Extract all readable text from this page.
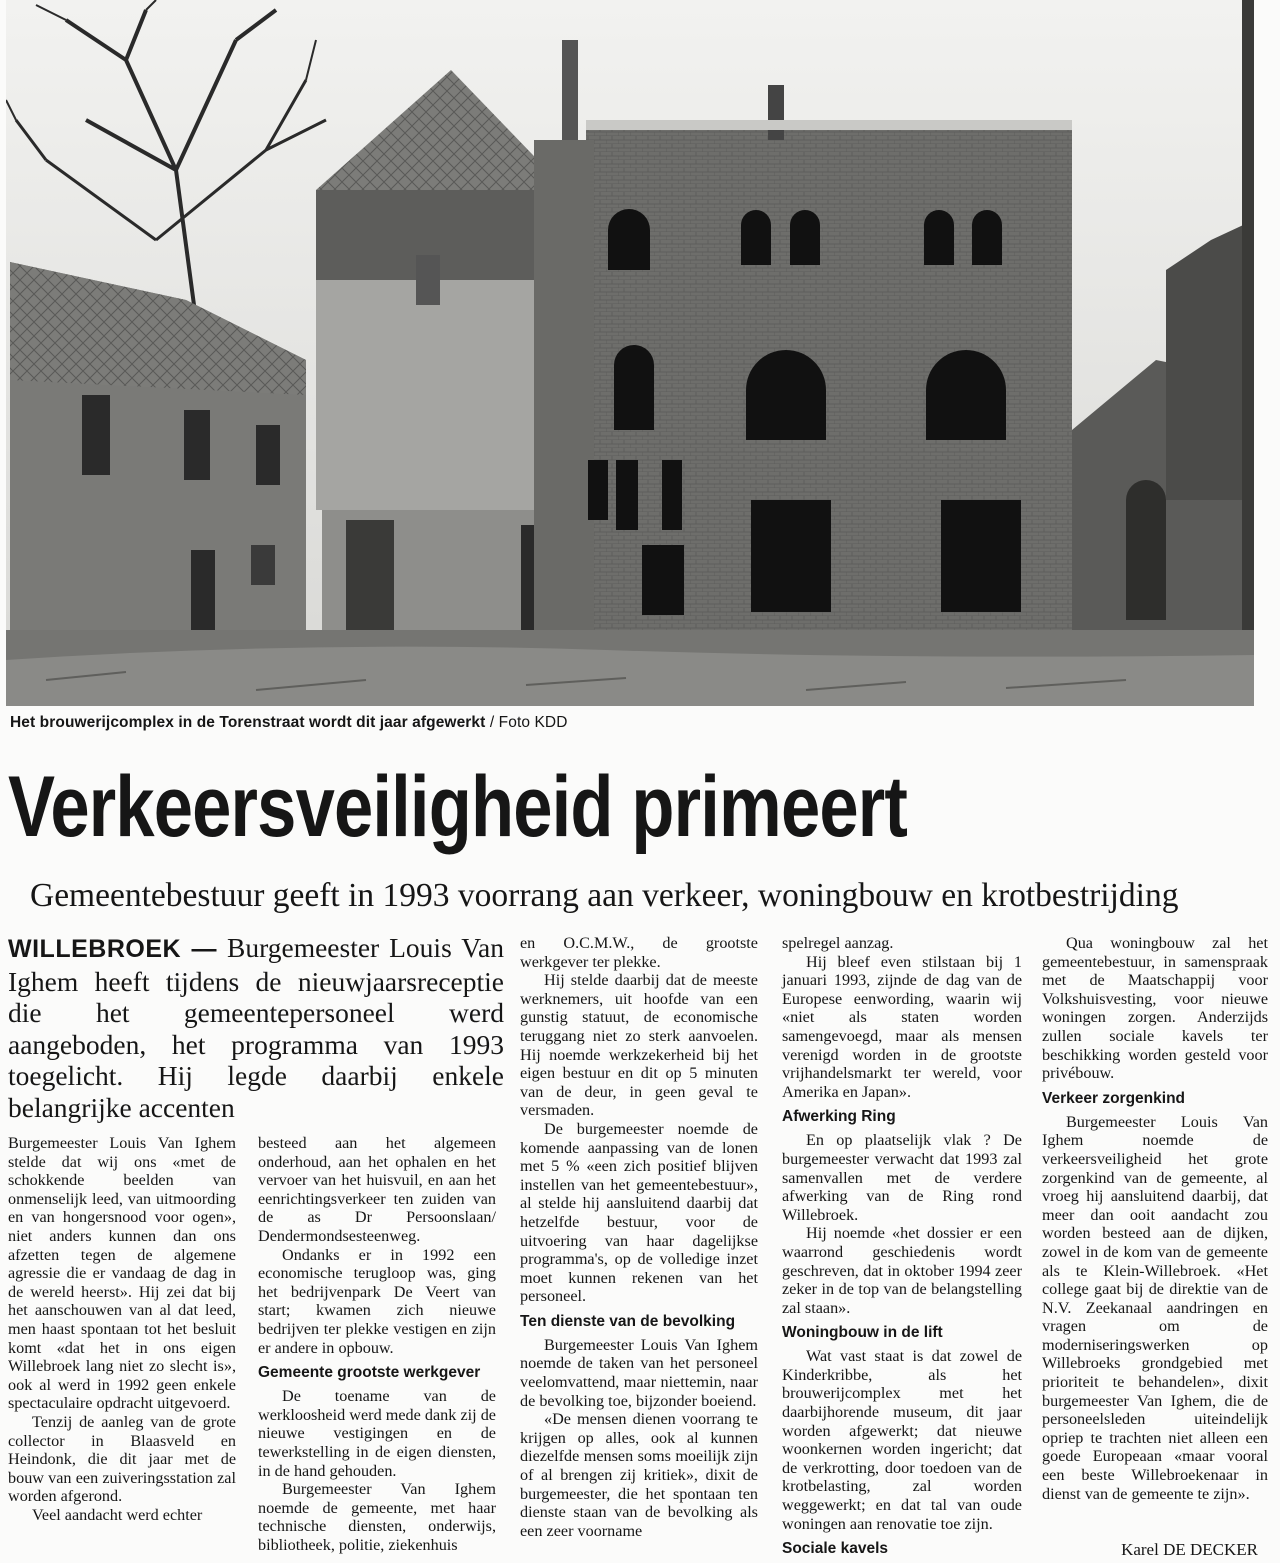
Het brouwerijcomplex in de Torenstraat wordt dit jaar afgewerkt / Foto KDD
Verkeersveiligheid primeert
Gemeentebestuur geeft in 1993 voorrang aan verkeer, woningbouw en krotbestrijding
WILLEBROEK — Burgemeester Louis Van Ighem heeft tijdens de nieuwjaarsreceptie die het gemeentepersoneel werd aangeboden, het programma van 1993 toegelicht. Hij legde daarbij enkele belangrijke accenten

Burgemeester Louis Van Ighem stelde dat wij ons «met de schokkende beelden van onmenselijk leed, van uitmoording en van hongersnood voor ogen», niet anders kunnen dan ons afzetten tegen de algemene agressie die er vandaag de dag in de wereld heerst». Hij zei dat bij het aanschouwen van al dat leed, men haast spontaan tot het besluit komt «dat het in ons eigen Willebroek lang niet zo slecht is», ook al werd in 1992 geen enkele spectaculaire opdracht uitgevoerd.

Tenzij de aanleg van de grote collector in Blaasveld en Heindonk, die dit jaar met de bouw van een zuiveringsstation zal worden afgerond.

Veel aandacht werd echter

besteed aan het algemeen onderhoud, aan het ophalen en het vervoer van het huisvuil, en aan het eenrichtingsverkeer ten zuiden van de as Dr Persoonslaan/ Dendermondsesteenweg.

Ondanks er in 1992 een economische terugloop was, ging het bedrijvenpark De Veert van start; kwamen zich nieuwe bedrijven ter plekke vestigen en zijn er andere in opbouw.

Gemeente grootste werkgever

De toename van de werkloosheid werd mede dank zij de nieuwe vestigingen en de tewerkstelling in de eigen diensten, in de hand gehouden.

Burgemeester Van Ighem noemde de gemeente, met haar technische diensten, onderwijs, bibliotheek, politie, ziekenhuis

en O.C.M.W., de grootste werkgever ter plekke.

Hij stelde daarbij dat de meeste werknemers, uit hoofde van een gunstig statuut, de economische teruggang niet zo sterk aanvoelen. Hij noemde werkzekerheid bij het eigen bestuur en dit op 5 minuten van de deur, in geen geval te versmaden.

De burgemeester noemde de komende aanpassing van de lonen met 5 % «een zich positief blijven instellen van het gemeentebestuur», al stelde hij aansluitend daarbij dat hetzelfde bestuur, voor de uitvoering van haar dagelijkse programma's, op de volledige inzet moet kunnen rekenen van het personeel.

Ten dienste van de bevolking

Burgemeester Louis Van Ighem noemde de taken van het personeel veelomvattend, maar niettemin, naar de bevolking toe, bijzonder boeiend.

«De mensen dienen voorrang te krijgen op alles, ook al kunnen diezelfde mensen soms moeilijk zijn of al brengen zij kritiek», dixit de burgemeester, die het spontaan ten dienste staan van de bevolking als een zeer voorname

spelregel aanzag.

Hij bleef even stilstaan bij 1 januari 1993, zijnde de dag van de Europese eenwording, waarin wij «niet als staten worden samengevoegd, maar als mensen verenigd worden in de grootste vrijhandelsmarkt ter wereld, voor Amerika en Japan».

Afwerking Ring

En op plaatselijk vlak ? De burgemeester verwacht dat 1993 zal samenvallen met de verdere afwerking van de Ring rond Willebroek.

Hij noemde «het dossier er een waarrond geschiedenis wordt geschreven, dat in oktober 1994 zeer zeker in de top van de belangstelling zal staan».

Woningbouw in de lift

Wat vast staat is dat zowel de Kinderkribbe, als het brouwerijcomplex met het daarbijhorende museum, dit jaar worden afgewerkt; dat nieuwe woonkernen worden ingericht; dat de verkrotting, door toedoen van de krotbelasting, zal worden weggewerkt; en dat tal van oude woningen aan renovatie toe zijn.

Sociale kavels

Qua woningbouw zal het gemeentebestuur, in samenspraak met de Maatschappij voor Volkshuisvesting, voor nieuwe woningen zorgen. Anderzijds zullen sociale kavels ter beschikking worden gesteld voor privébouw.

Verkeer zorgenkind

Burgemeester Louis Van Ighem noemde de verkeersveiligheid het grote zorgenkind van de gemeente, al vroeg hij aansluitend daarbij, dat meer dan ooit aandacht zou worden besteed aan de dijken, zowel in de kom van de gemeente als te Klein-Willebroek. «Het college gaat bij de direktie van de N.V. Zeekanaal aandringen en vragen om de moderniseringswerken op Willebroeks grondgebied met prioriteit te behandelen», dixit burgemeester Van Ighem, die de personeelsleden uiteindelijk opriep te trachten niet alleen een goede Europeaan «maar vooral een beste Willebroekenaar in dienst van de gemeente te zijn».

Karel DE DECKER
